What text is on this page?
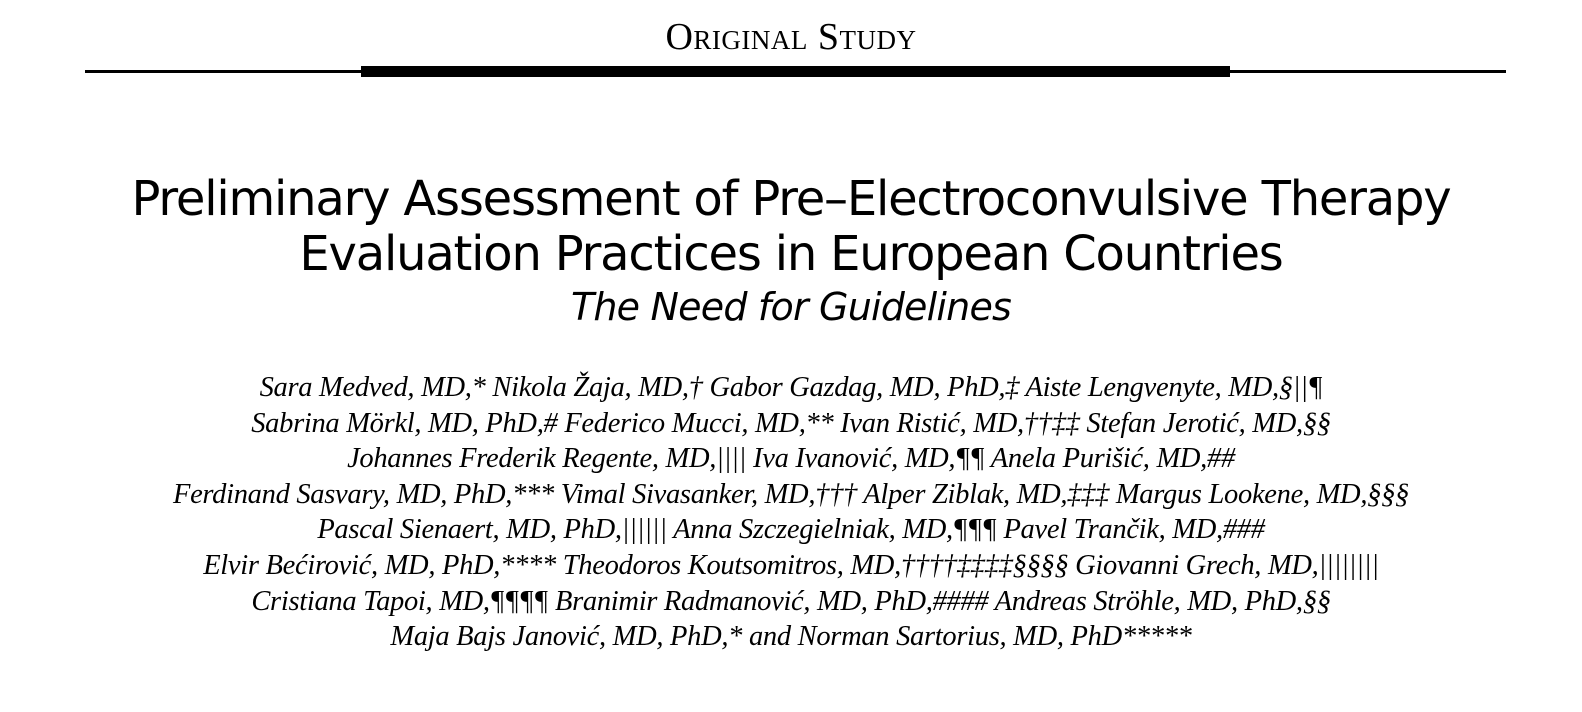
Original Study
Preliminary Assessment of Pre–Electroconvulsive Therapy
Evaluation Practices in European Countries
The Need for Guidelines
Sara Medved, MD,* Nikola Žaja, MD,† Gabor Gazdag, MD, PhD,‡ Aiste Lengvenyte, MD,§||¶
Sabrina Mörkl, MD, PhD,# Federico Mucci, MD,** Ivan Ristić, MD,††‡‡ Stefan Jerotić, MD,§§
Johannes Frederik Regente, MD,|||| Iva Ivanović, MD,¶¶ Anela Purišić, MD,##
Ferdinand Sasvary, MD, PhD,*** Vimal Sivasanker, MD,††† Alper Ziblak, MD,‡‡‡ Margus Lookene, MD,§§§
Pascal Sienaert, MD, PhD,|||||| Anna Szczegielniak, MD,¶¶¶ Pavel Trančik, MD,###
Elvir Bećirović, MD, PhD,**** Theodoros Koutsomitros, MD,††††‡‡‡‡§§§§ Giovanni Grech, MD,||||||||
Cristiana Tapoi, MD,¶¶¶¶ Branimir Radmanović, MD, PhD,#### Andreas Ströhle, MD, PhD,§§
Maja Bajs Janović, MD, PhD,* and Norman Sartorius, MD, PhD*****
